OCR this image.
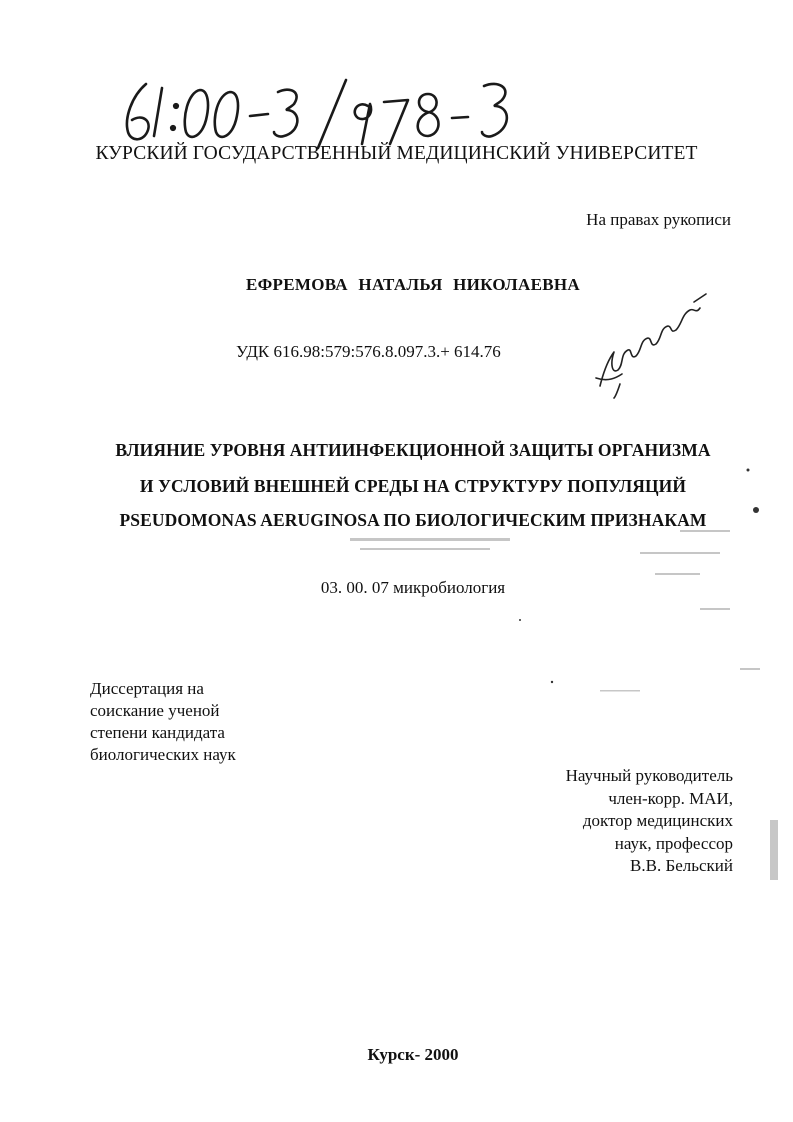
КУРСКИЙ ГОСУДАРСТВЕННЫЙ МЕДИЦИНСКИЙ УНИВЕРСИТЕТ
На правах рукописи
ЕФРЕМОВА НАТАЛЬЯ НИКОЛАЕВНА
УДК 616.98:579:576.8.097.3.+ 614.76
ВЛИЯНИЕ УРОВНЯ АНТИИНФЕКЦИОННОЙ ЗАЩИТЫ ОРГАНИЗМА
И УСЛОВИЙ ВНЕШНЕЙ СРЕДЫ НА СТРУКТУРУ ПОПУЛЯЦИЙ
PSEUDOMONAS AERUGINOSA ПО БИОЛОГИЧЕСКИМ ПРИЗНАКАМ
03. 00. 07 микробиология
Диссертация на
соискание ученой
степени кандидата
биологических наук
Научный руководитель
член-корр. МАИ,
доктор медицинских
наук, профессор
В.В. Бельский
Курск- 2000
